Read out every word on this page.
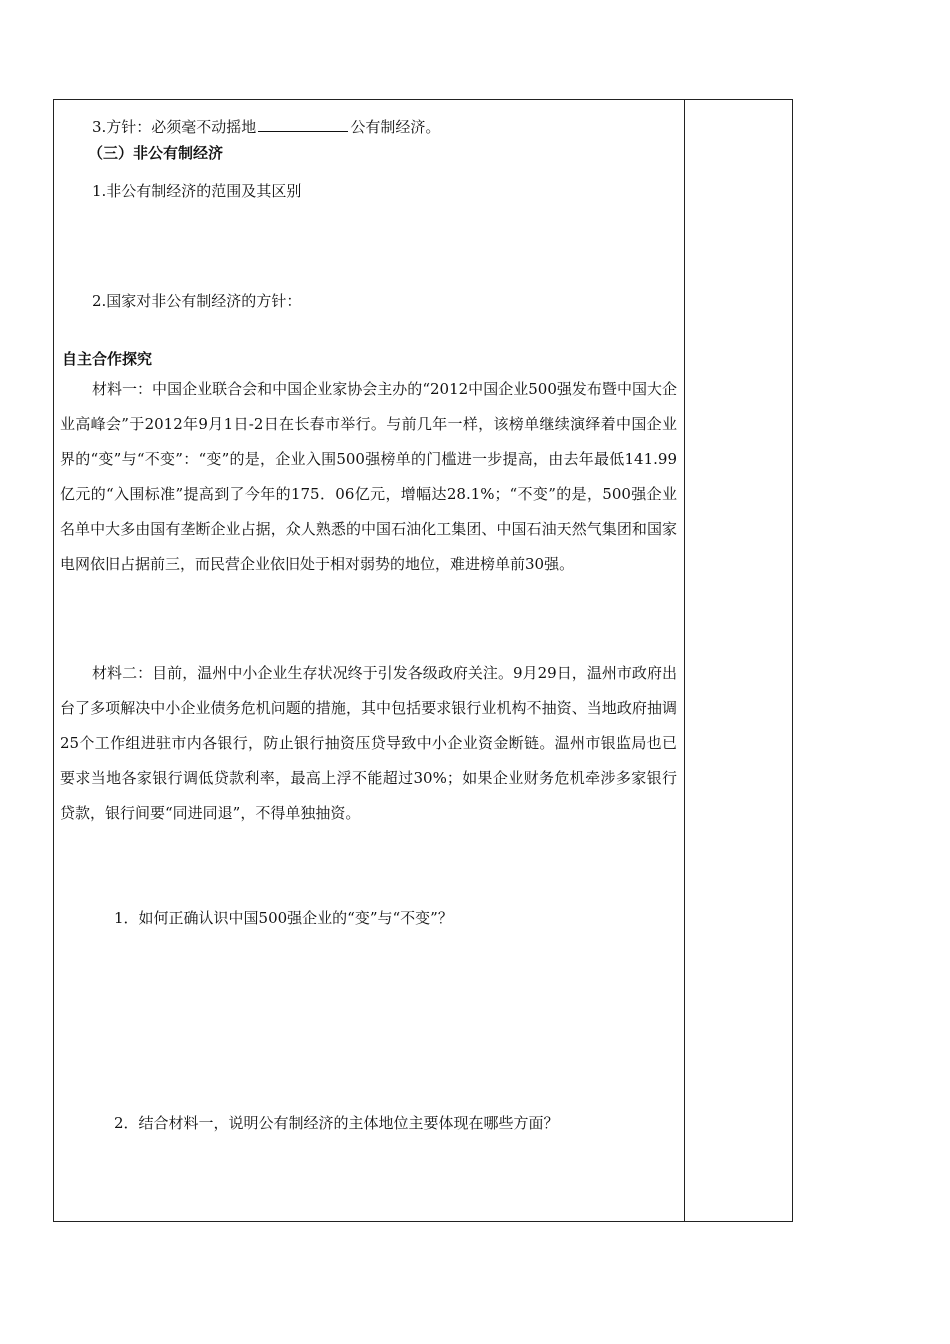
3.方针：必须毫不动摇地	公有制经济。
（三）非公有制经济
1.非公有制经济的范围及其区别
2.国家对非公有制经济的方针：
自主合作探究

材料一：中国企业联合会和中国企业家协会主办的“2012中国企业500强发布暨中国大企业高峰会”于2012年9月1日-2日在长春市举行。与前几年一样，该榜单继续演绎着中国企业界的“变”与“不变”：“变”的是，企业入围500强榜单的门槛进一步提高，由去年最低141.99亿元的“入围标准”提高到了今年的175．06亿元，增幅达28.1%；“不变”的是，500强企业名单中大多由国有垄断企业占据，众人熟悉的中国石油化工集团、中国石油天然气集团和国家电网依旧占据前三，而民营企业依旧处于相对弱势的地位，难进榜单前30强。

材料二：目前，温州中小企业生存状况终于引发各级政府关注。9月29日，温州市政府出台了多项解决中小企业债务危机问题的措施，其中包括要求银行业机构不抽资、当地政府抽调25个工作组进驻市内各银行，防止银行抽资压贷导致中小企业资金断链。温州市银监局也已要求当地各家银行调低贷款利率，最高上浮不能超过30%；如果企业财务危机牵涉多家银行贷款，银行间要“同进同退”，不得单独抽资。

1．如何正确认识中国500强企业的“变”与“不变”？
2．结合材料一，说明公有制经济的主体地位主要体现在哪些方面？
